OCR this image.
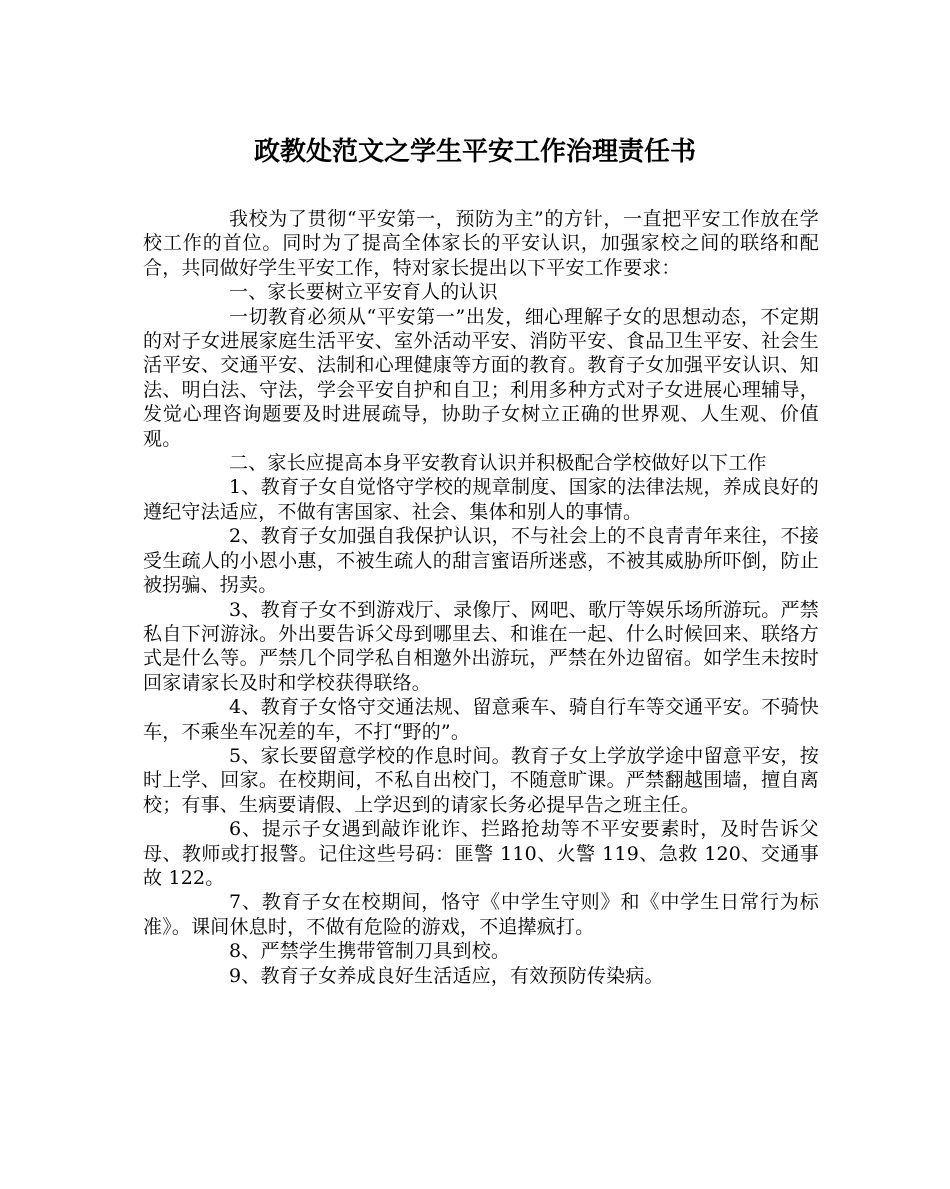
政教处范文之学生平安工作治理责任书

我校为了贯彻“平安第一，预防为主”的方针，一直把平安工作放在学校工作的首位。同时为了提高全体家长的平安认识，加强家校之间的联络和配合，共同做好学生平安工作，特对家长提出以下平安工作要求：

一、家长要树立平安育人的认识

一切教育必须从“平安第一”出发，细心理解子女的思想动态，不定期的对子女进展家庭生活平安、室外活动平安、消防平安、食品卫生平安、社会生活平安、交通平安、法制和心理健康等方面的教育。教育子女加强平安认识、知法、明白法、守法，学会平安自护和自卫；利用多种方式对子女进展心理辅导，发觉心理咨询题要及时进展疏导，协助子女树立正确的世界观、人生观、价值观。

二、家长应提高本身平安教育认识并积极配合学校做好以下工作

1、教育子女自觉恪守学校的规章制度、国家的法律法规，养成良好的遵纪守法适应，不做有害国家、社会、集体和别人的事情。

2、教育子女加强自我保护认识，不与社会上的不良青青年来往，不接受生疏人的小恩小惠，不被生疏人的甜言蜜语所迷惑，不被其威胁所吓倒，防止被拐骗、拐卖。

3、教育子女不到游戏厅、录像厅、网吧、歌厅等娱乐场所游玩。严禁私自下河游泳。外出要告诉父母到哪里去、和谁在一起、什么时候回来、联络方式是什么等。严禁几个同学私自相邀外出游玩，严禁在外边留宿。如学生未按时回家请家长及时和学校获得联络。

4、教育子女恪守交通法规、留意乘车、骑自行车等交通平安。不骑快车，不乘坐车况差的车，不打“野的”。

5、家长要留意学校的作息时间。教育子女上学放学途中留意平安，按时上学、回家。在校期间，不私自出校门，不随意旷课。严禁翻越围墙，擅自离校；有事、生病要请假、上学迟到的请家长务必提早告之班主任。

6、提示子女遇到敲诈讹诈、拦路抢劫等不平安要素时，及时告诉父母、教师或打报警。记住这些号码：匪警 110、火警 119、急救 120、交通事故 122。

7、教育子女在校期间，恪守《中学生守则》和《中学生日常行为标准》。课间休息时，不做有危险的游戏，不追撵疯打。

8、严禁学生携带管制刀具到校。

9、教育子女养成良好生活适应，有效预防传染病。
